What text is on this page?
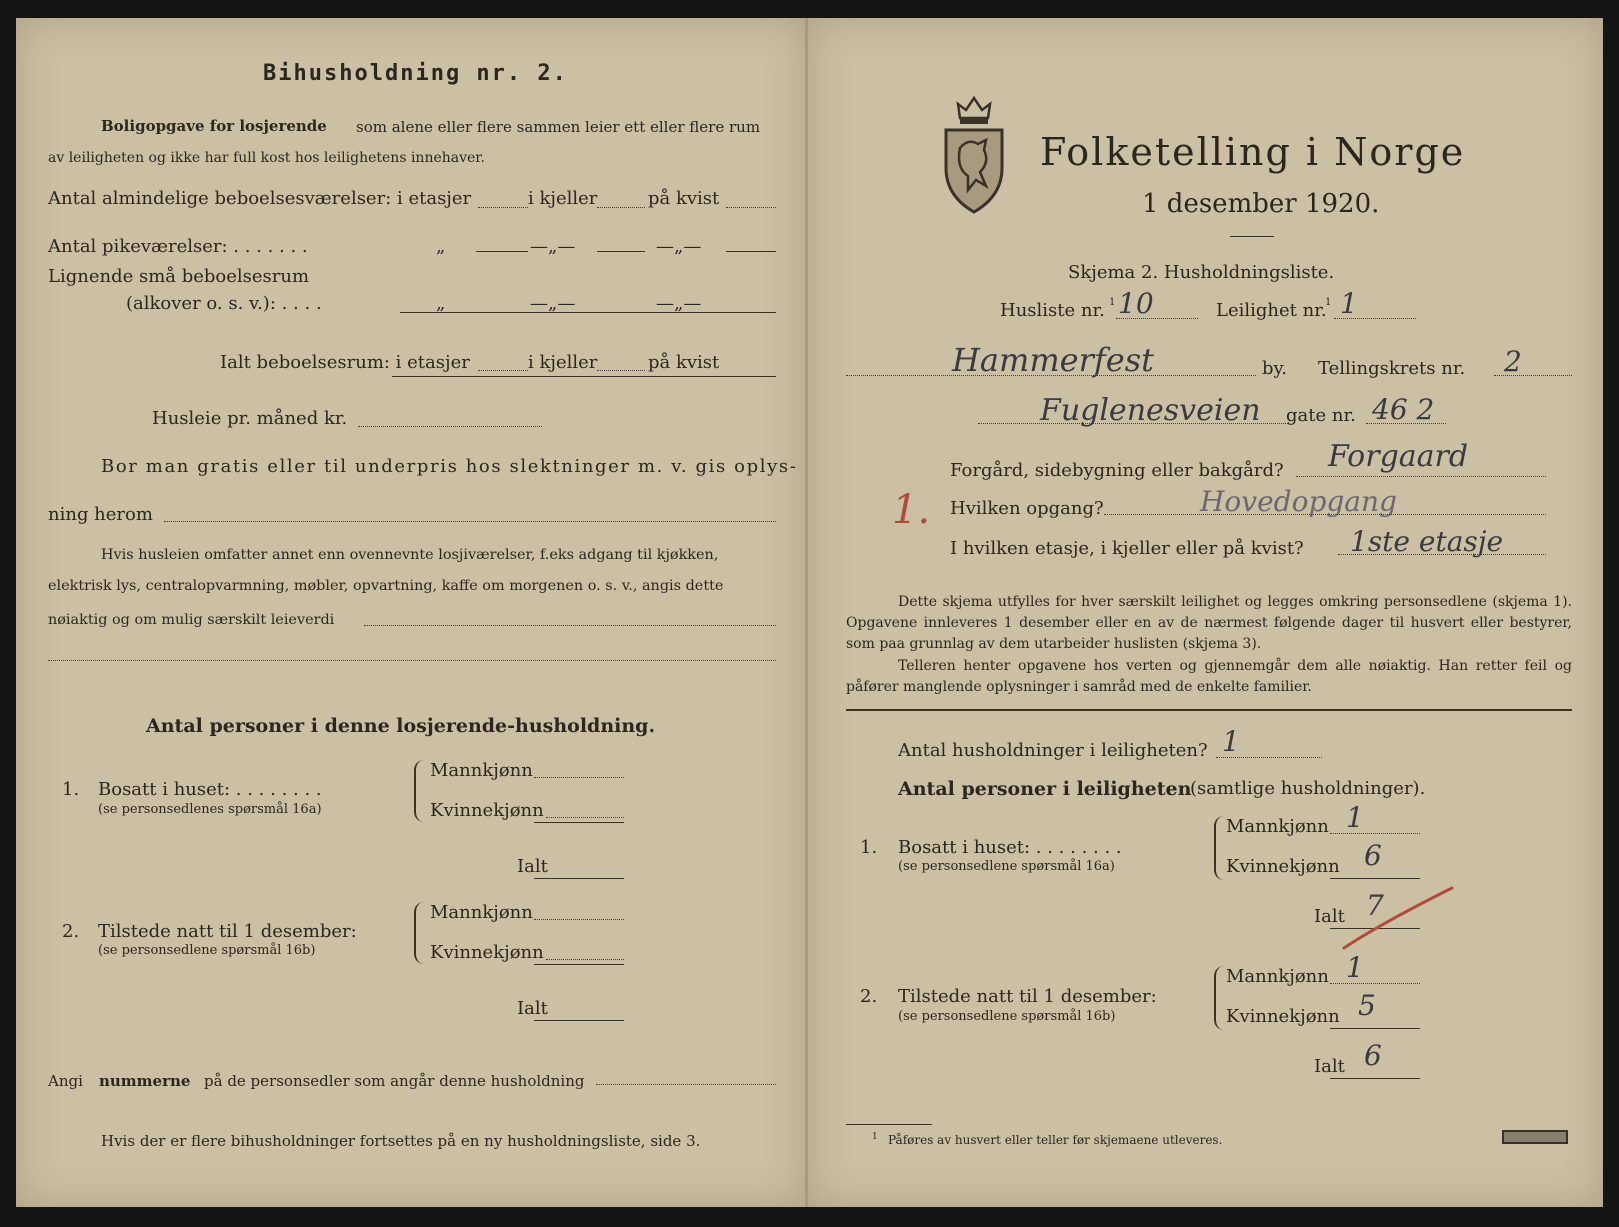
Bihusholdning nr. 2.
Boligopgave for losjerende som alene eller flere sammen leier ett eller flere rum
av leiligheten og ikke har full kost hos leilighetens innehaver.
Antal almindelige beboelsesværelser: i etasjer	i kjeller	på kvist
Antal pikeværelser: . . . . . . .	„	—„—	—„—
Lignende små beboelsesrum
(alkover o. s. v.): . . . .	„	—„—	—„—
Ialt beboelsesrum: i etasjer	i kjeller	på kvist
Husleie pr. måned kr.
Bor man gratis eller til underpris hos slektninger m. v. gis oplys-
ning herom
Hvis husleien omfatter annet enn ovennevnte losjiværelser, f.eks adgang til kjøkken,
elektrisk lys, centralopvarmning, møbler, opvartning, kaffe om morgenen o. s. v., angis dette
nøiaktig og om mulig særskilt leieverdi
Antal personer i denne losjerende-husholdning.
1. Bosatt i huset: . . . . . . . .
(se personsedlenes spørsmål 16a)
Mannkjønn
Kvinnekjønn
Ialt
2. Tilstede natt til 1 desember:
(se personsedlene spørsmål 16b)
Mannkjønn
Kvinnekjønn
Ialt
Angi nummerne på de personsedler som angår denne husholdning
Hvis der er flere bihusholdninger fortsettes på en ny husholdningsliste, side 3.
Folketelling i Norge
1 desember 1920.
Skjema 2. Husholdningsliste.
Husliste nr. 1 10	Leilighet nr.
1 1
Hammerfest	by. Tellingskrets nr. 2
Fuglenesveien gate nr. 46 2
Forgård, sidebygning eller bakgård? Forgaard
1. Hvilken opgang?	Hovedopgang
I hvilken etasje, i kjeller eller på kvist? 1ste etasje
Dette skjema utfylles for hver særskilt leilighet og legges omkring personsedlene (skjema 1). Opgavene innleveres 1 desember eller en av de nærmest følgende dager til husvert eller bestyrer, som paa grunnlag av dem utarbeider huslisten (skjema 3).
Telleren henter opgavene hos verten og gjennemgår dem alle nøiaktig. Han retter feil og påfører manglende oplysninger i samråd med de enkelte familier.
Antal husholdninger i leiligheten? 1
Antal personer i leiligheten
(samtlige husholdninger).
1. Bosatt i huset: . . . . . . . .
(se personsedlene spørsmål 16a)
Mannkjønn 1
Kvinnekjønn 6
Ialt 7
2. Tilstede natt til 1 desember:
(se personsedlene spørsmål 16b)
Mannkjønn 1
Kvinnekjønn 5
Ialt 6
1 Påføres av husvert eller teller før skjemaene utleveres.
